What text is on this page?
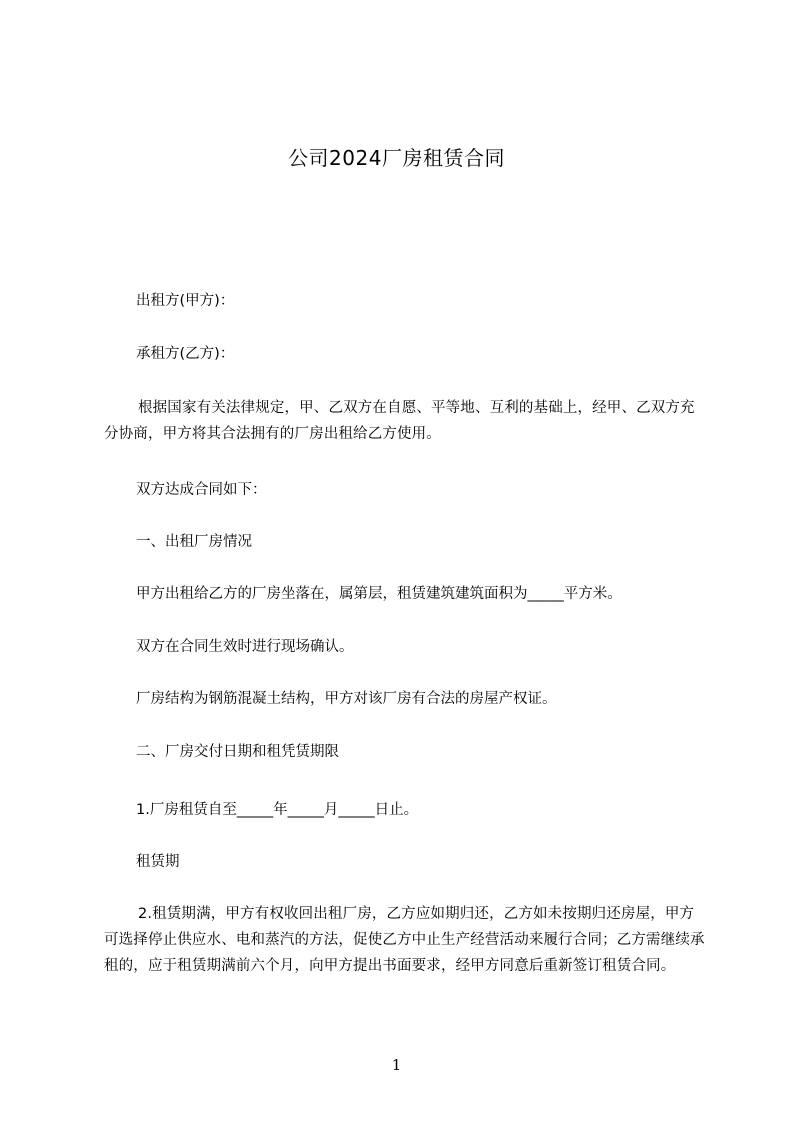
公司2024厂房租赁合同
出租方(甲方)：
承租方(乙方)：
根据国家有关法律规定，甲、乙双方在自愿、平等地、互利的基础上，经甲、乙双方充分协商，甲方将其合法拥有的厂房出租给乙方使用。
双方达成合同如下：
一、出租厂房情况
甲方出租给乙方的厂房坐落在，属第层，租赁建筑建筑面积为_____平方米。
双方在合同生效时进行现场确认。
厂房结构为钢筋混凝土结构，甲方对该厂房有合法的房屋产权证。
二、厂房交付日期和租凭赁期限
1.厂房租赁自至_____年_____月_____日止。
租赁期
2.租赁期满，甲方有权收回出租厂房，乙方应如期归还，乙方如未按期归还房屋，甲方可选择停止供应水、电和蒸汽的方法，促使乙方中止生产经营活动来履行合同；乙方需继续承租的，应于租赁期满前六个月，向甲方提出书面要求，经甲方同意后重新签订租赁合同。
1
